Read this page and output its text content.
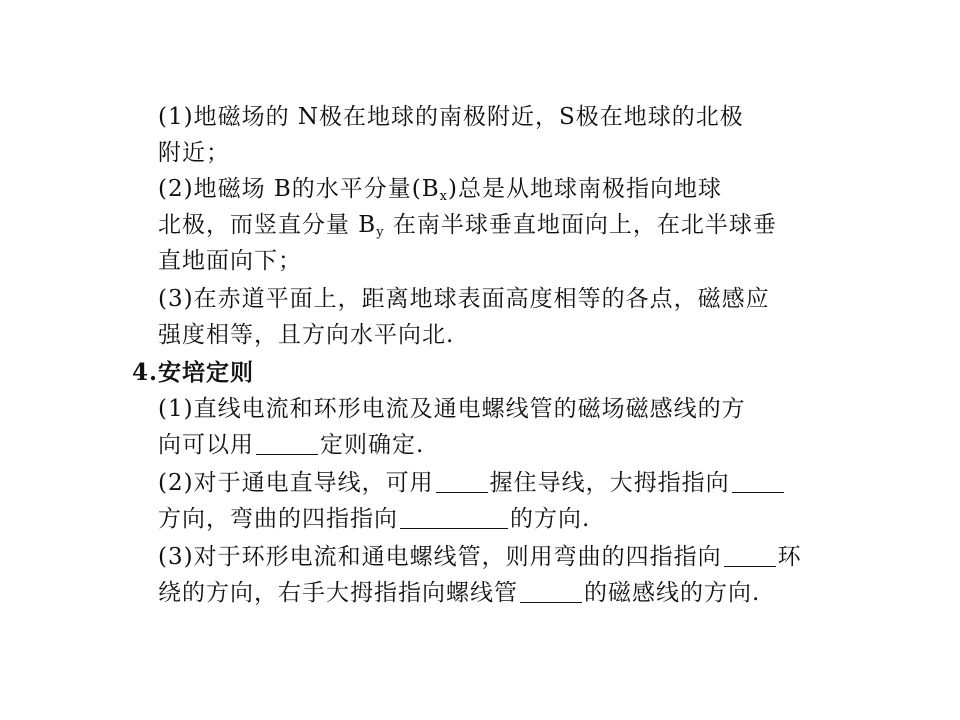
(1)地磁场的 N极在地球的南极附近，S极在地球的北极
附近；
(2)地磁场 B的水平分量$(B_x)$总是从地球南极指向地球
北极，而竖直分量 $B_y$ 在南半球垂直地面向上，在北半球垂
直地面向下；
(3)在赤道平面上，距离地球表面高度相等的各点，磁感应
强度相等，且方向水平向北.
4.安培定则
(1)直线电流和环形电流及通电螺线管的磁场磁感线的方
向可以用	定则确定.
(2)对于通电直导线，可用 握住导线，大拇指指向
方向，弯曲的四指指向	的方向.
(3)对于环形电流和通电螺线管，则用弯曲的四指指向 环
绕的方向，右手大拇指指向螺线管	的磁感线的方向.
